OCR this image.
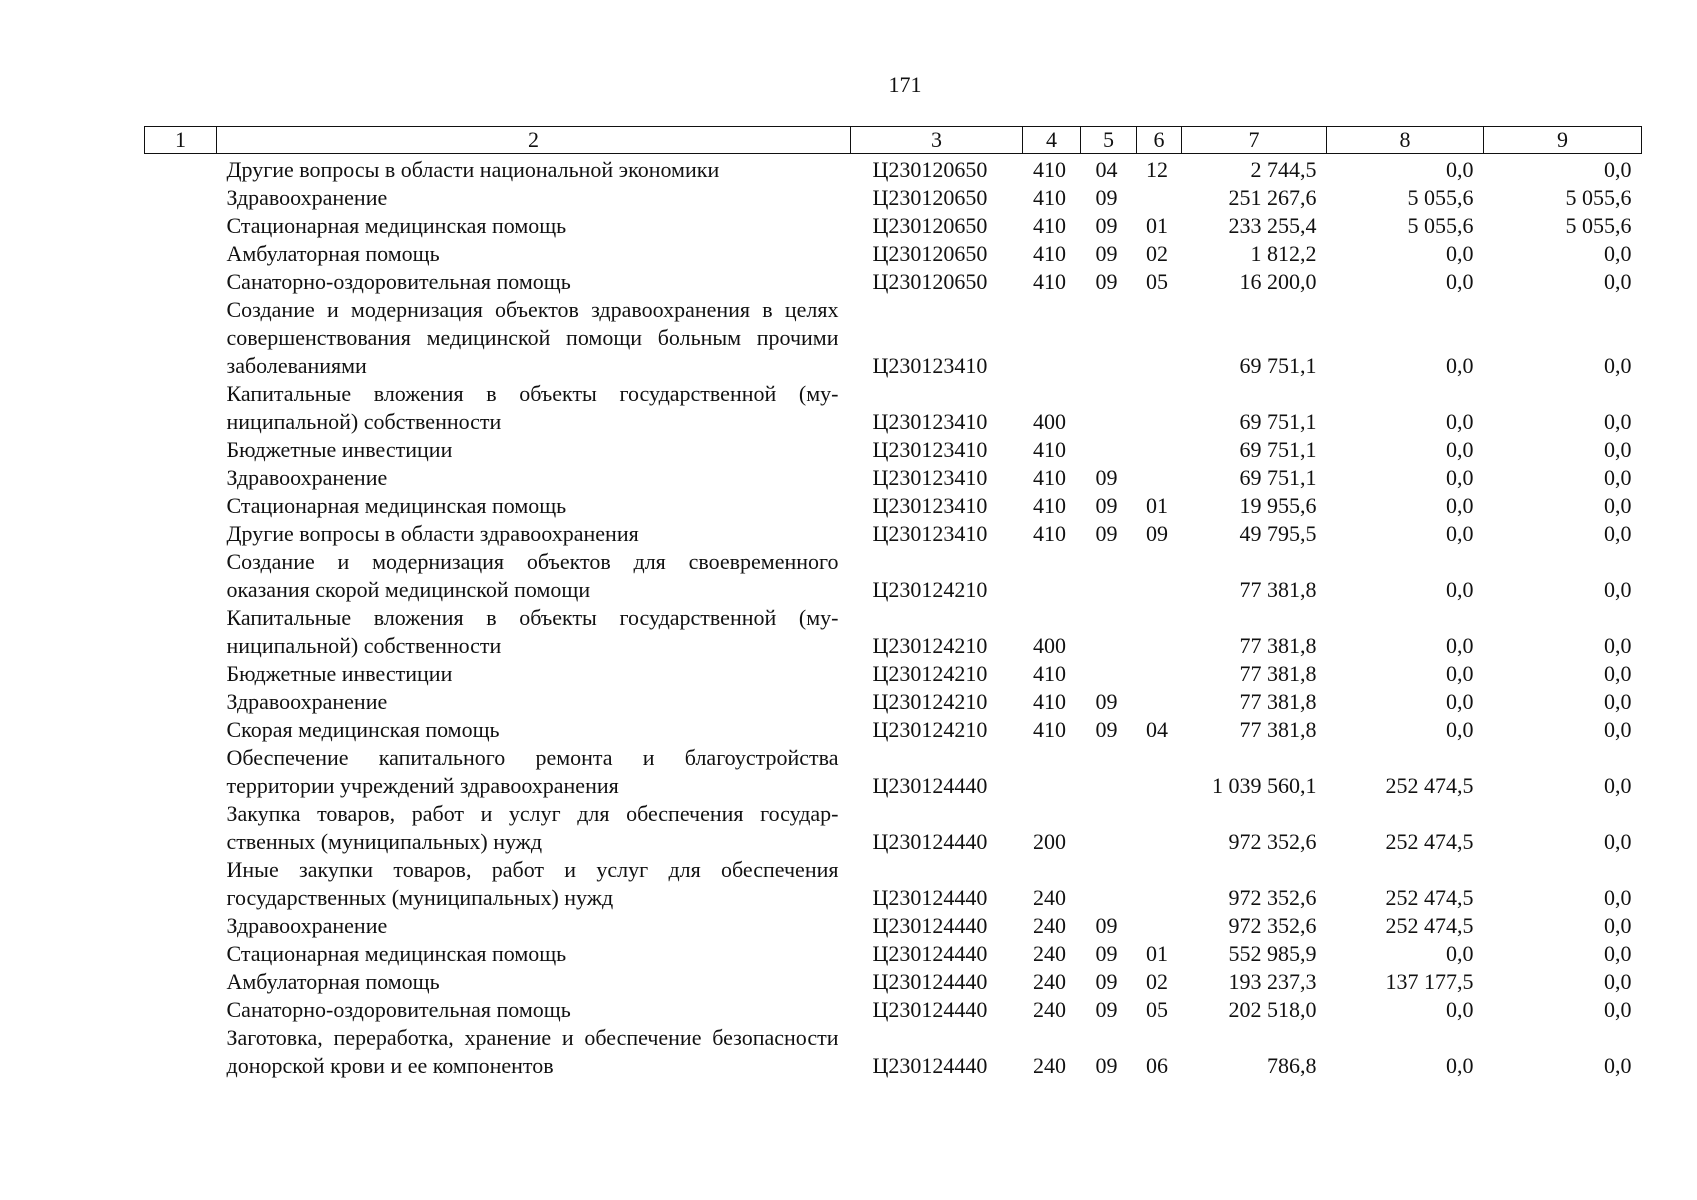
171
1	2	3	4	5	6	7	8	9
	Другие вопросы в области национальной экономики	Ц230120650	410	04	12	2 744,5	0,0	0,0
	Здравоохранение	Ц230120650	410	09		251 267,6	5 055,6	5 055,6
	Стационарная медицинская помощь	Ц230120650	410	09	01	233 255,4	5 055,6	5 055,6
	Амбулаторная помощь	Ц230120650	410	09	02	1 812,2	0,0	0,0
	Санаторно-оздоровительная помощь	Ц230120650	410	09	05	16 200,0	0,0	0,0
	Создание и модернизация объектов здравоохранения в целях совершенствования медицинской помощи больным прочими заболеваниями	Ц230123410				69 751,1	0,0	0,0
	Капитальные вложения в объекты государственной (муниципальной) собственности	Ц230123410	400			69 751,1	0,0	0,0
	Бюджетные инвестиции	Ц230123410	410			69 751,1	0,0	0,0
	Здравоохранение	Ц230123410	410	09		69 751,1	0,0	0,0
	Стационарная медицинская помощь	Ц230123410	410	09	01	19 955,6	0,0	0,0
	Другие вопросы в области здравоохранения	Ц230123410	410	09	09	49 795,5	0,0	0,0
	Создание и модернизация объектов для своевременного оказания скорой медицинской помощи	Ц230124210				77 381,8	0,0	0,0
	Капитальные вложения в объекты государственной (муниципальной) собственности	Ц230124210	400			77 381,8	0,0	0,0
	Бюджетные инвестиции	Ц230124210	410			77 381,8	0,0	0,0
	Здравоохранение	Ц230124210	410	09		77 381,8	0,0	0,0
	Скорая медицинская помощь	Ц230124210	410	09	04	77 381,8	0,0	0,0
	Обеспечение капитального ремонта и благоустройства территории учреждений здравоохранения	Ц230124440				1 039 560,1	252 474,5	0,0
	Закупка товаров, работ и услуг для обеспечения государственных (муниципальных) нужд	Ц230124440	200			972 352,6	252 474,5	0,0
	Иные закупки товаров, работ и услуг для обеспечения государственных (муниципальных) нужд	Ц230124440	240			972 352,6	252 474,5	0,0
	Здравоохранение	Ц230124440	240	09		972 352,6	252 474,5	0,0
	Стационарная медицинская помощь	Ц230124440	240	09	01	552 985,9	0,0	0,0
	Амбулаторная помощь	Ц230124440	240	09	02	193 237,3	137 177,5	0,0
	Санаторно-оздоровительная помощь	Ц230124440	240	09	05	202 518,0	0,0	0,0
	Заготовка, переработка, хранение и обеспечение безопасности донорской крови и ее компонентов	Ц230124440	240	09	06	786,8	0,0	0,0
